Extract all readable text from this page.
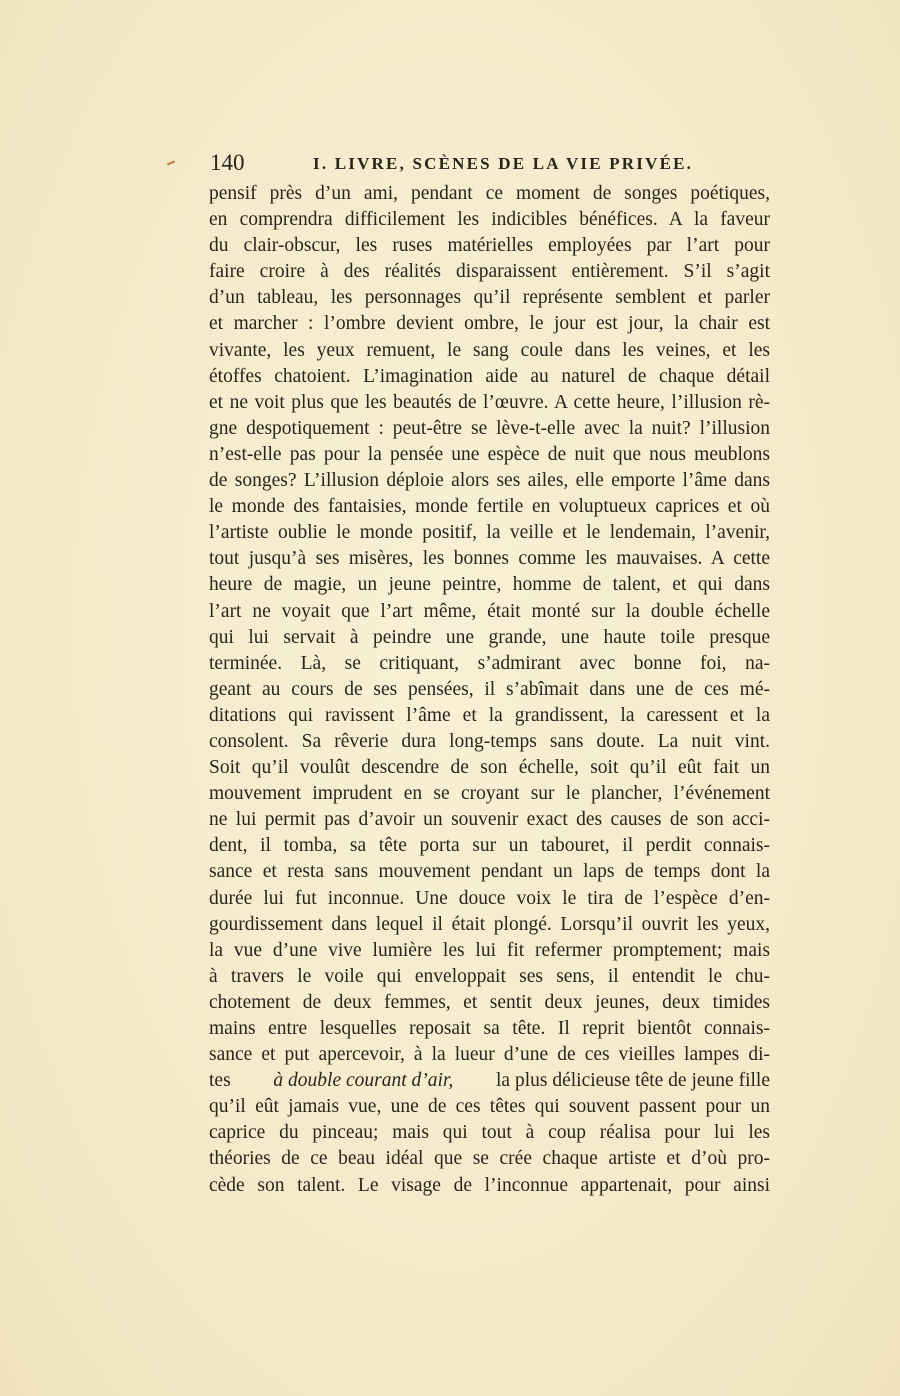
140	I. LIVRE, SCÈNES DE LA VIE PRIVÉE.
pensif près d’un ami, pendant ce moment de songes poétiques,
en comprendra difficilement les indicibles bénéfices. A la faveur
du clair-obscur, les ruses matérielles employées par l’art pour
faire croire à des réalités disparaissent entièrement. S’il s’agit
d’un tableau, les personnages qu’il représente semblent et parler
et marcher : l’ombre devient ombre, le jour est jour, la chair est
vivante, les yeux remuent, le sang coule dans les veines, et les
étoffes chatoient. L’imagination aide au naturel de chaque détail
et ne voit plus que les beautés de l’œuvre. A cette heure, l’illusion rè-
gne despotiquement : peut-être se lève-t-elle avec la nuit? l’illusion
n’est-elle pas pour la pensée une espèce de nuit que nous meublons
de songes? L’illusion déploie alors ses ailes, elle emporte l’âme dans
le monde des fantaisies, monde fertile en voluptueux caprices et où
l’artiste oublie le monde positif, la veille et le lendemain, l’avenir,
tout jusqu’à ses misères, les bonnes comme les mauvaises. A cette
heure de magie, un jeune peintre, homme de talent, et qui dans
l’art ne voyait que l’art même, était monté sur la double échelle
qui lui servait à peindre une grande, une haute toile presque
terminée. Là, se critiquant, s’admirant avec bonne foi, na-
geant au cours de ses pensées, il s’abîmait dans une de ces mé-
ditations qui ravissent l’âme et la grandissent, la caressent et la
consolent. Sa rêverie dura long-temps sans doute. La nuit vint.
Soit qu’il voulût descendre de son échelle, soit qu’il eût fait un
mouvement imprudent en se croyant sur le plancher, l’événement
ne lui permit pas d’avoir un souvenir exact des causes de son acci-
dent, il tomba, sa tête porta sur un tabouret, il perdit connais-
sance et resta sans mouvement pendant un laps de temps dont la
durée lui fut inconnue. Une douce voix le tira de l’espèce d’en-
gourdissement dans lequel il était plongé. Lorsqu’il ouvrit les yeux,
la vue d’une vive lumière les lui fit refermer promptement; mais
à travers le voile qui enveloppait ses sens, il entendit le chu-
chotement de deux femmes, et sentit deux jeunes, deux timides
mains entre lesquelles reposait sa tête. Il reprit bientôt connais-
sance et put apercevoir, à la lueur d’une de ces vieilles lampes di-
tes à double courant d’air, la plus délicieuse tête de jeune fille
qu’il eût jamais vue, une de ces têtes qui souvent passent pour un
caprice du pinceau; mais qui tout à coup réalisa pour lui les
théories de ce beau idéal que se crée chaque artiste et d’où pro-
cède son talent. Le visage de l’inconnue appartenait, pour ainsi
